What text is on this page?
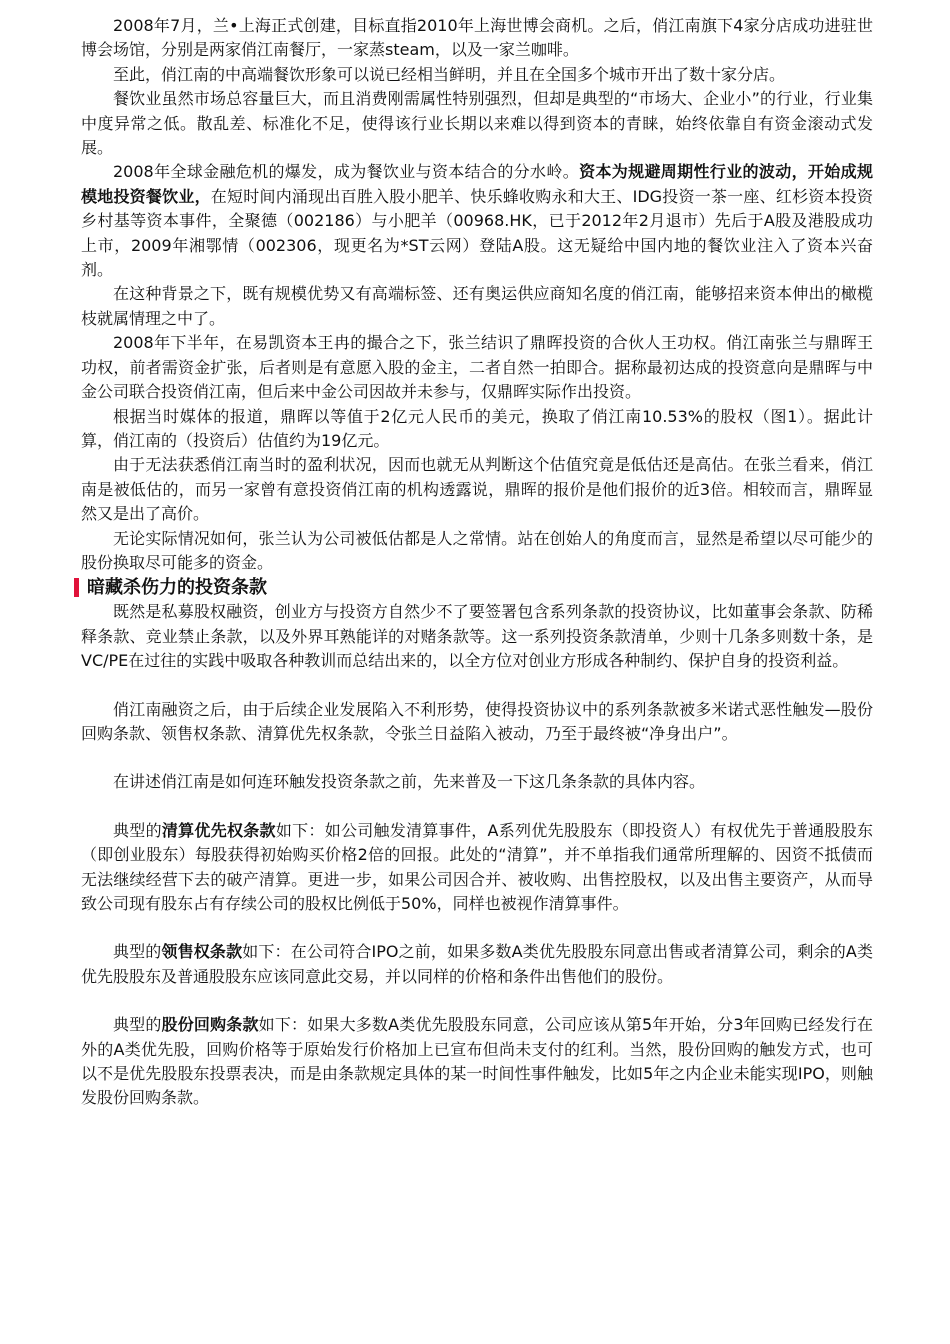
2008年7月，兰•上海正式创建，目标直指2010年上海世博会商机。之后，俏江南旗下4家分店成功进驻世博会场馆，分别是两家俏江南餐厅，一家蒸steam，以及一家兰咖啡。

至此，俏江南的中高端餐饮形象可以说已经相当鲜明，并且在全国多个城市开出了数十家分店。

餐饮业虽然市场总容量巨大，而且消费刚需属性特别强烈，但却是典型的“市场大、企业小”的行业，行业集中度异常之低。散乱差、标准化不足，使得该行业长期以来难以得到资本的青睐，始终依靠自有资金滚动式发展。

2008年全球金融危机的爆发，成为餐饮业与资本结合的分水岭。资本为规避周期性行业的波动，开始成规模地投资餐饮业，在短时间内涌现出百胜入股小肥羊、快乐蜂收购永和大王、IDG投资一茶一座、红杉资本投资乡村基等资本事件，全聚德（002186）与小肥羊（00968.HK，已于2012年2月退市）先后于A股及港股成功上市，2009年湘鄂情（002306，现更名为*ST云网）登陆A股。这无疑给中国内地的餐饮业注入了资本兴奋剂。

在这种背景之下，既有规模优势又有高端标签、还有奥运供应商知名度的俏江南，能够招来资本伸出的橄榄枝就属情理之中了。

2008年下半年，在易凯资本王冉的撮合之下，张兰结识了鼎晖投资的合伙人王功权。俏江南张兰与鼎晖王功权，前者需资金扩张，后者则是有意愿入股的金主，二者自然一拍即合。据称最初达成的投资意向是鼎晖与中金公司联合投资俏江南，但后来中金公司因故并未参与，仅鼎晖实际作出投资。

根据当时媒体的报道，鼎晖以等值于2亿元人民币的美元，换取了俏江南10.53%的股权（图1）。据此计算，俏江南的（投资后）估值约为19亿元。

由于无法获悉俏江南当时的盈利状况，因而也就无从判断这个估值究竟是低估还是高估。在张兰看来，俏江南是被低估的，而另一家曾有意投资俏江南的机构透露说，鼎晖的报价是他们报价的近3倍。相较而言，鼎晖显然又是出了高价。

无论实际情况如何，张兰认为公司被低估都是人之常情。站在创始人的角度而言，显然是希望以尽可能少的股份换取尽可能多的资金。

暗藏杀伤力的投资条款

既然是私募股权融资，创业方与投资方自然少不了要签署包含系列条款的投资协议，比如董事会条款、防稀释条款、竞业禁止条款，以及外界耳熟能详的对赌条款等。这一系列投资条款清单，少则十几条多则数十条，是VC/PE在过往的实践中吸取各种教训而总结出来的，以全方位对创业方形成各种制约、保护自身的投资利益。

俏江南融资之后，由于后续企业发展陷入不利形势，使得投资协议中的系列条款被多米诺式恶性触发—股份回购条款、领售权条款、清算优先权条款，令张兰日益陷入被动，乃至于最终被“净身出户”。

在讲述俏江南是如何连环触发投资条款之前，先来普及一下这几条条款的具体内容。

典型的清算优先权条款如下：如公司触发清算事件，A系列优先股股东（即投资人）有权优先于普通股股东（即创业股东）每股获得初始购买价格2倍的回报。此处的“清算”，并不单指我们通常所理解的、因资不抵债而无法继续经营下去的破产清算。更进一步，如果公司因合并、被收购、出售控股权，以及出售主要资产，从而导致公司现有股东占有存续公司的股权比例低于50%，同样也被视作清算事件。

典型的领售权条款如下：在公司符合IPO之前，如果多数A类优先股股东同意出售或者清算公司，剩余的A类优先股股东及普通股股东应该同意此交易，并以同样的价格和条件出售他们的股份。

典型的股份回购条款如下：如果大多数A类优先股股东同意，公司应该从第5年开始，分3年回购已经发行在外的A类优先股，回购价格等于原始发行价格加上已宣布但尚未支付的红利。当然，股份回购的触发方式，也可以不是优先股股东投票表决，而是由条款规定具体的某一时间性事件触发，比如5年之内企业未能实现IPO，则触发股份回购条款。
